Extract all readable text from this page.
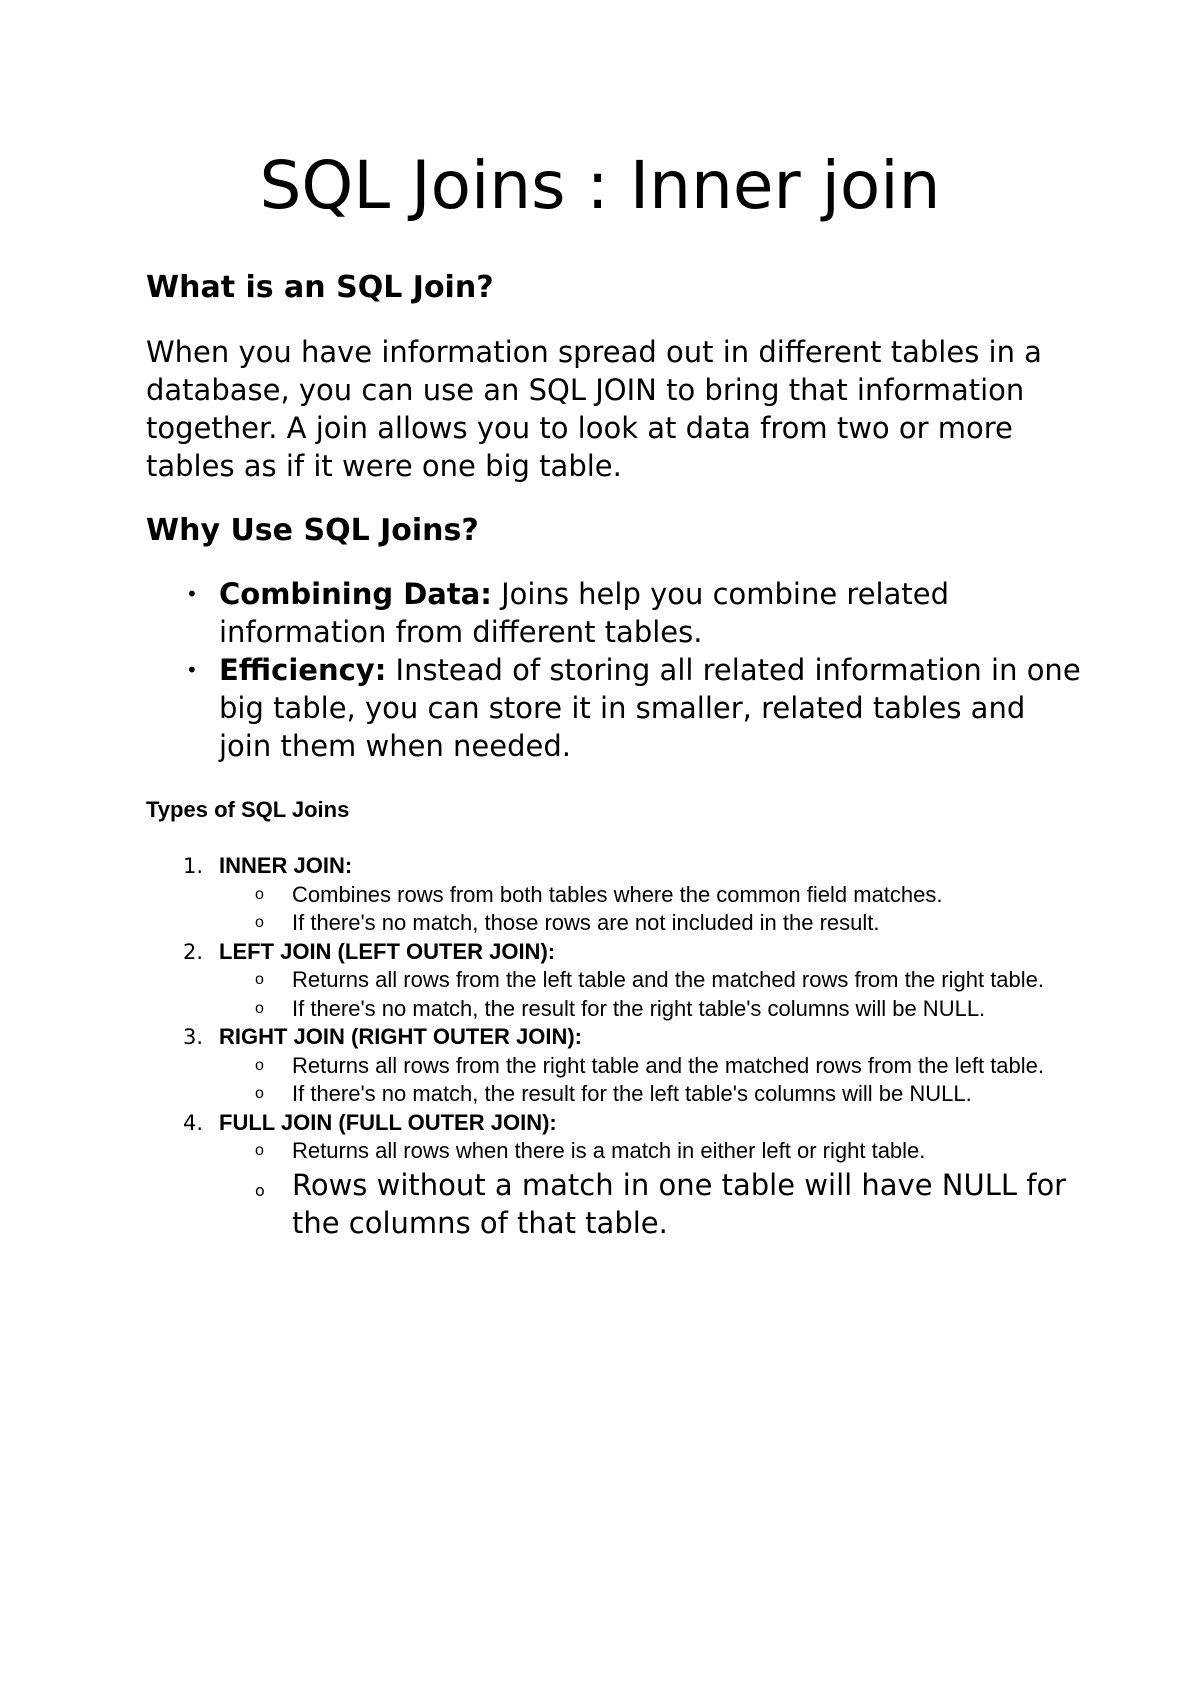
SQL Joins : Inner join
What is an SQL Join?

When you have information spread out in different tables in a database, you can use an SQL JOIN to bring that information together. A join allows you to look at data from two or more tables as if it were one big table.

Why Use SQL Joins?
• Combining Data: Joins help you combine related information from different tables.
• Efficiency: Instead of storing all related information in one big table, you can store it in smaller, related tables and join them when needed.
Types of SQL Joins
1. INNER JOIN:
o Combines rows from both tables where the common field matches.
o If there's no match, those rows are not included in the result.
2. LEFT JOIN (LEFT OUTER JOIN):
o Returns all rows from the left table and the matched rows from the right table.
o If there's no match, the result for the right table's columns will be NULL.
3. RIGHT JOIN (RIGHT OUTER JOIN):
o Returns all rows from the right table and the matched rows from the left table.
o If there's no match, the result for the left table's columns will be NULL.
4. FULL JOIN (FULL OUTER JOIN):
o Returns all rows when there is a match in either left or right table.
o Rows without a match in one table will have NULL for the columns of that table.
